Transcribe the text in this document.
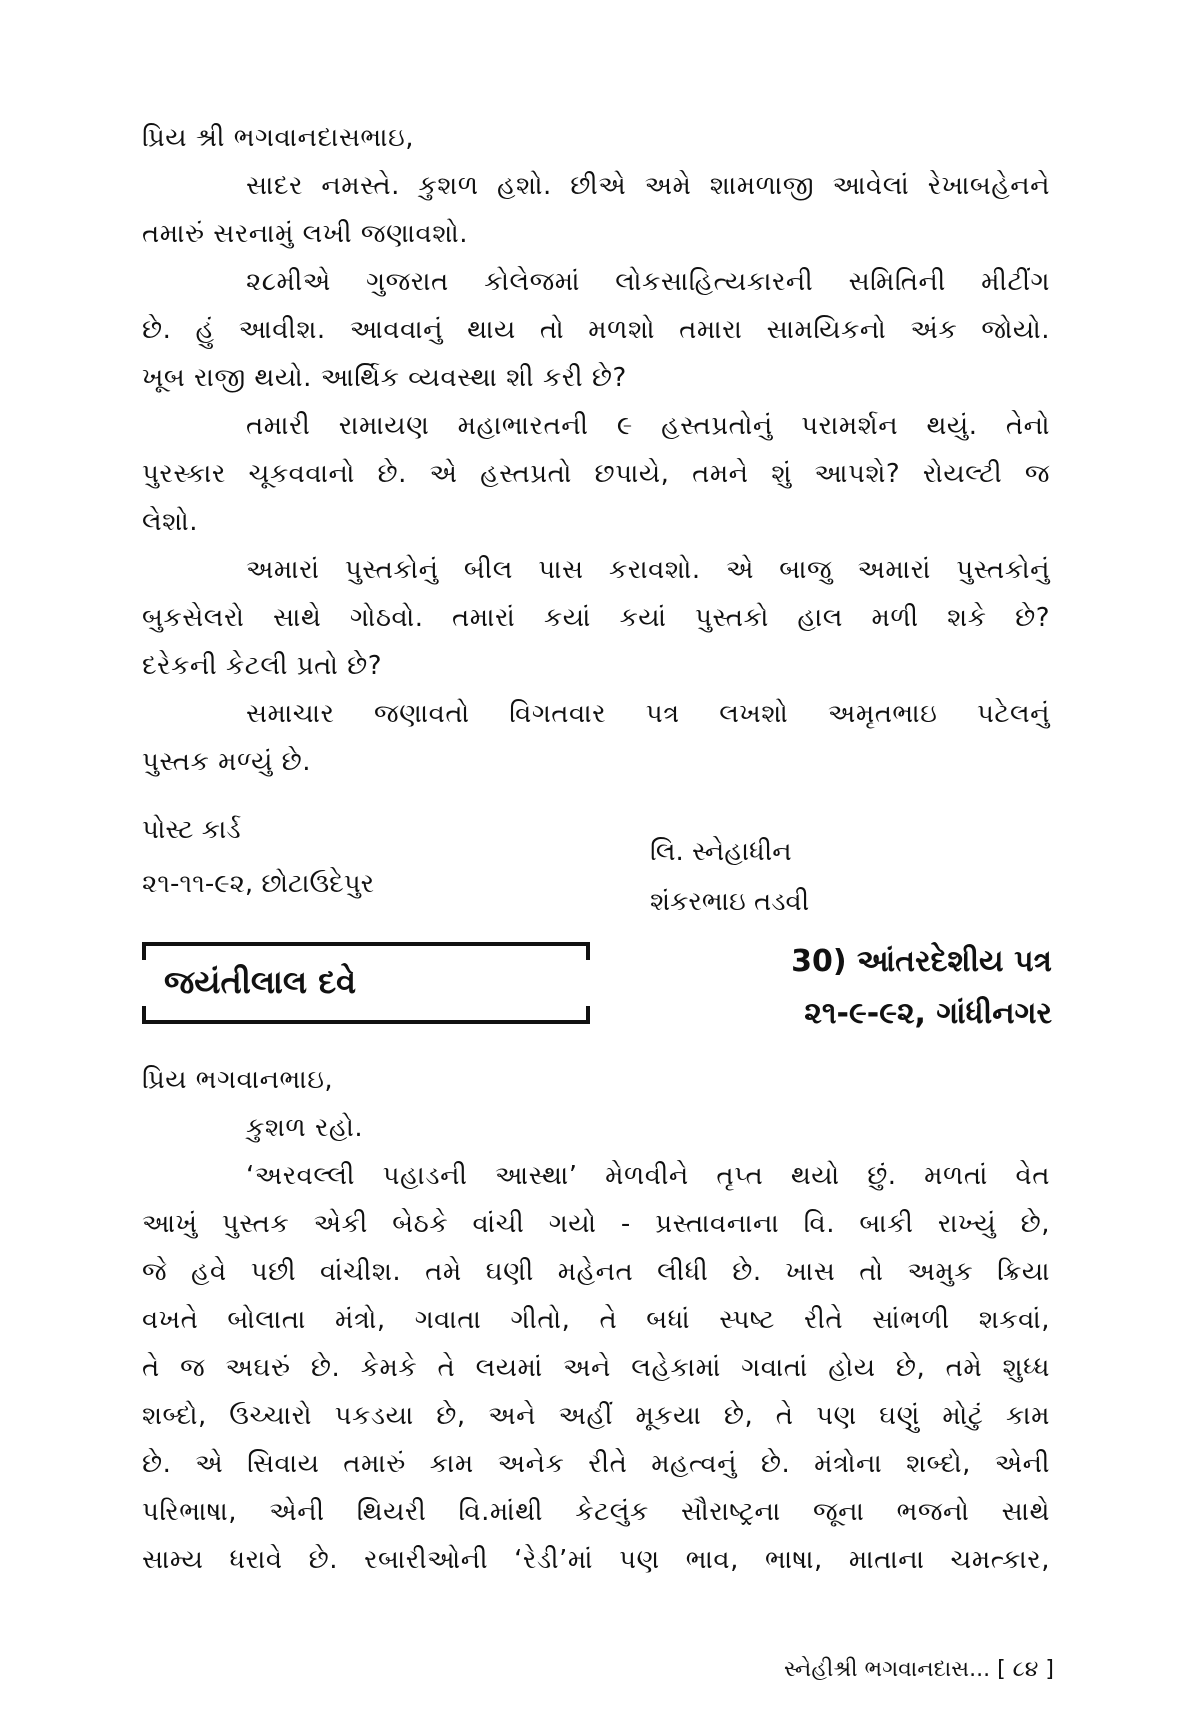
પ્રિય શ્રી ભગવાનદાસભાઇ,
સાદર નમસ્તે. કુશળ હશો. છીએ અમે શામળાજી આવેલાં રેખાબહેનને
તમારું સરનામું લખી જણાવશો.
૨૮મીએ ગુજરાત કોલેજમાં લોકસાહિત્યકારની સમિતિની મીટીંગ
છે. હું આવીશ. આવવાનું થાય તો મળશો તમારા સામયિકનો અંક જોયો.
ખૂબ રાજી થયો. આર્થિક વ્યવસ્થા શી કરી છે?
તમારી રામાયણ મહાભારતની ૯ હસ્તપ્રતોનું પરામર્શન થયું. તેનો
પુરસ્કાર ચૂકવવાનો છે. એ હસ્તપ્રતો છપાયે, તમને શું આપશે? રોયલ્ટી જ
લેશો.
અમારાં પુસ્તકોનું બીલ પાસ કરાવશો. એ બાજુ અમારાં પુસ્તકોનું
બુકસેલરો સાથે ગોઠવો. તમારાં કયાં કયાં પુસ્તકો હાલ મળી શકે છે?
દરેકની કેટલી પ્રતો છે?
સમાચાર જણાવતો વિગતવાર પત્ર લખશો અમૃતભાઇ પટેલનું
પુસ્તક મળ્યું છે.
પોસ્ટ કાર્ડ
૨૧-૧૧-૯૨, છોટાઉદેપુર
લિ. સ્નેહાધીન
શંકરભાઇ તડવી
જયંતીલાલ દવે
30) આંતરદેશીય પત્ર
૨૧-૯-૯૨, ગાંધીનગર
પ્રિય ભગવાનભાઇ,
કુશળ રહો.
‘અરવલ્લી પહાડની આસ્થા’ મેળવીને તૃપ્ત થયો છું. મળતાં વેત
આખું પુસ્તક એકી બેઠકે વાંચી ગયો - પ્રસ્તાવનાના વિ. બાકી રાખ્યું છે,
જે હવે પછી વાંચીશ. તમે ઘણી મહેનત લીધી છે. ખાસ તો અમુક ક્રિયા
વખતે બોલાતા મંત્રો, ગવાતા ગીતો, તે બધાં સ્પષ્ટ રીતે સાંભળી શકવાં,
તે જ અઘરું છે. કેમકે તે લયમાં અને લહેકામાં ગવાતાં હોય છે, તમે શુધ્ધ
શબ્દો, ઉચ્ચારો પકડયા છે, અને અહીં મૂકયા છે, તે પણ ઘણું મોટું કામ
છે. એ સિવાય તમારું કામ અનેક રીતે મહત્વનું છે. મંત્રોના શબ્દો, એની
પરિભાષા, એની થિયરી વિ.માંથી કેટલુંક સૌરાષ્ટ્રના જૂના ભજનો સાથે
સામ્ય ધરાવે છે. રબારીઓની ‘રેડી’માં પણ ભાવ, ભાષા, માતાના ચમત્કાર,
સ્નેહીશ્રી ભગવાનદાસ... [ ૮૪ ]
